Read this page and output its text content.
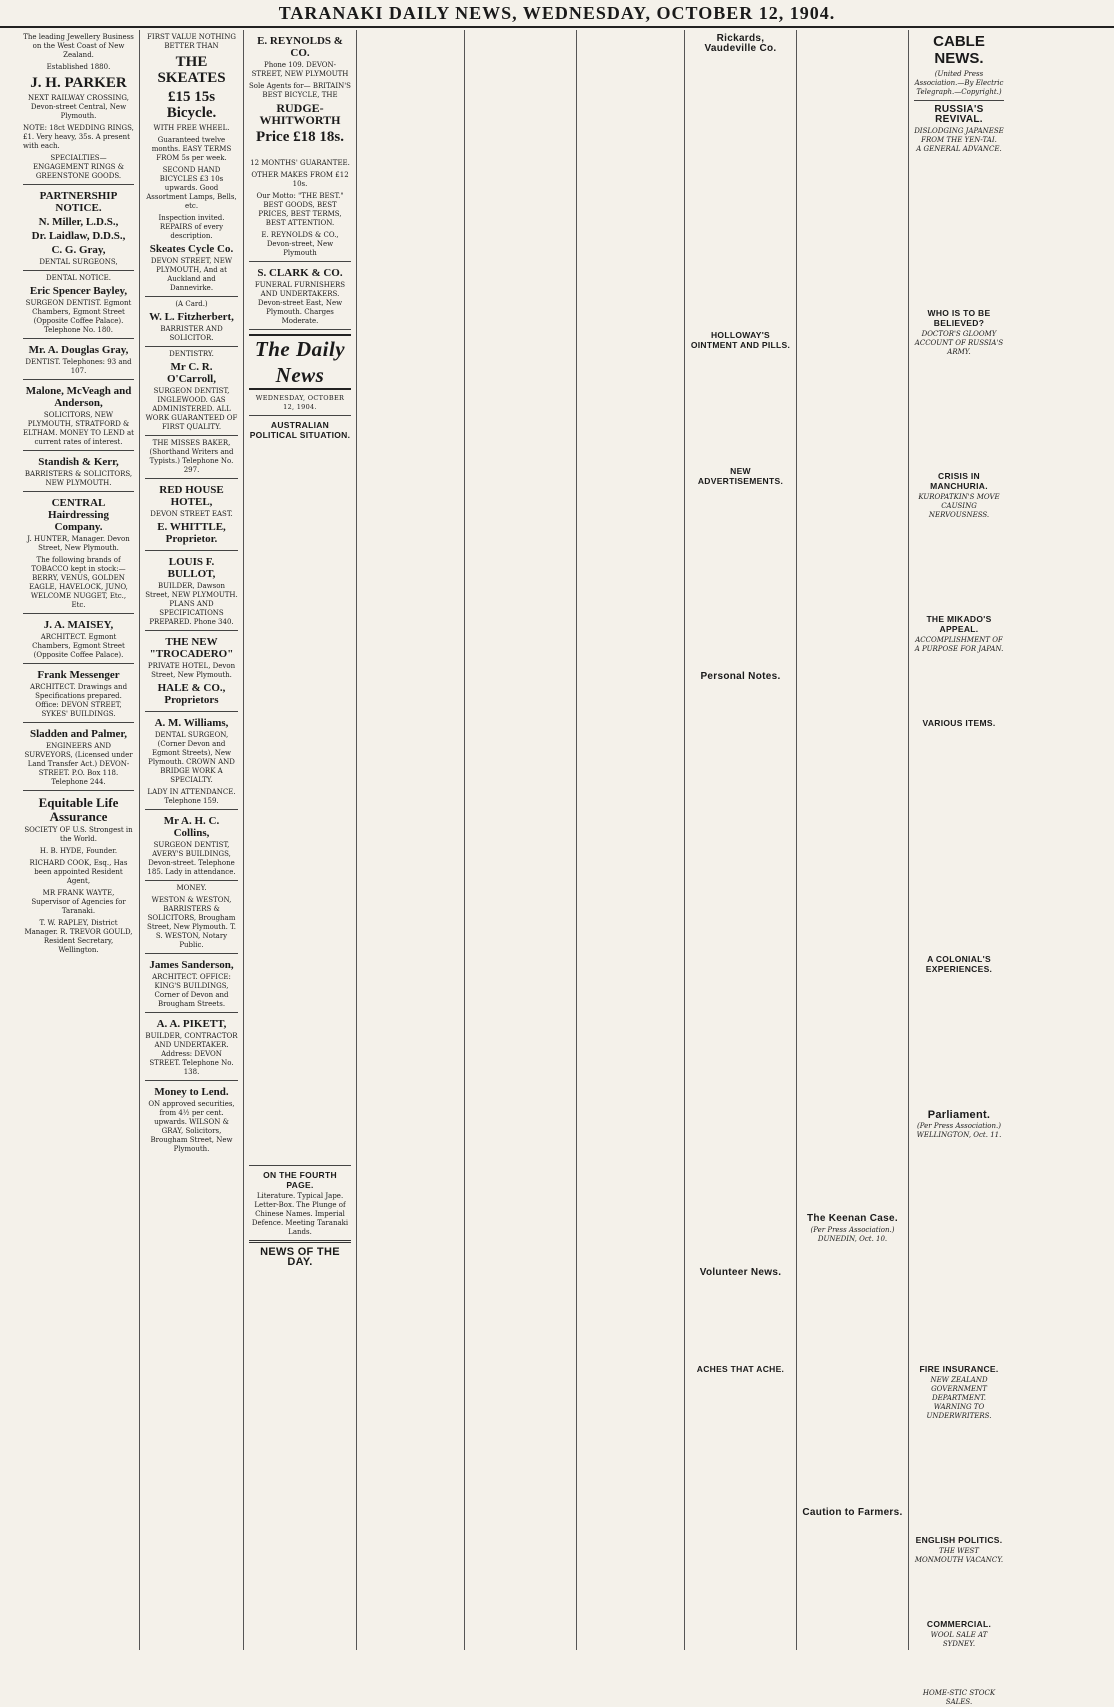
TARANAKI DAILY NEWS, WEDNESDAY, OCTOBER 12, 1904.
The leading Jewellery Business on the West Coast of New Zealand.
Established 1880.
J. H. PARKER
NEXT RAILWAY CROSSING, Devon-street Central, New Plymouth.
NOTE: 18ct WEDDING RINGS, £1. Very heavy, 35s. A present with each.
SPECIALTIES—ENGAGEMENT RINGS & GREENSTONE GOODS.
PARTNERSHIP NOTICE.
N. Miller, L.D.S.,
Dr. Laidlaw, D.D.S.,
C. G. Gray,
DENTAL SURGEONS,
DENTAL NOTICE.
Eric Spencer Bayley,
SURGEON DENTIST. Egmont Chambers, Egmont Street (Opposite Coffee Palace). Telephone No. 180.
Mr. A. Douglas Gray,
DENTIST. Telephones: 93 and 107.
Malone, McVeagh and Anderson,
SOLICITORS, NEW PLYMOUTH, STRATFORD & ELTHAM. MONEY TO LEND at current rates of interest.
Standish & Kerr,
BARRISTERS & SOLICITORS, NEW PLYMOUTH.
CENTRAL Hairdressing Company.
J. HUNTER, Manager. Devon Street, New Plymouth.
The following brands of TOBACCO kept in stock:— BERRY, VENUS, GOLDEN EAGLE, HAVELOCK, JUNO, WELCOME NUGGET, Etc., Etc.
J. A. MAISEY,
ARCHITECT. Egmont Chambers, Egmont Street (Opposite Coffee Palace).
Frank Messenger
ARCHITECT. Drawings and Specifications prepared. Office: DEVON STREET, SYKES' BUILDINGS.
Sladden and Palmer,
ENGINEERS AND SURVEYORS, (Licensed under Land Transfer Act.) DEVON-STREET. P.O. Box 118. Telephone 244.
Equitable Life Assurance
SOCIETY OF U.S. Strongest in the World.
H. B. HYDE, Founder.
RICHARD COOK, Esq., Has been appointed Resident Agent,
MR FRANK WAYTE, Supervisor of Agencies for Taranaki.
T. W. RAPLEY, District Manager. R. TREVOR GOULD, Resident Secretary, Wellington.
FIRST VALUE NOTHING BETTER THAN
THE SKEATES
£15 15s Bicycle.
WITH FREE WHEEL.
Guaranteed twelve months. EASY TERMS FROM 5s per week.
SECOND HAND BICYCLES £3 10s upwards. Good Assortment Lamps, Bells, etc.
Inspection invited. REPAIRS of every description.
Skeates Cycle Co.
DEVON STREET, NEW PLYMOUTH, And at Auckland and Dannevirke.
(A Card.)
W. L. Fitzherbert,
BARRISTER AND SOLICITOR.
DENTISTRY.
Mr C. R. O'Carroll,
SURGEON DENTIST, INGLEWOOD. GAS ADMINISTERED. ALL WORK GUARANTEED OF FIRST QUALITY.
THE MISSES BAKER,
(Shorthand Writers and Typists.) Telephone No. 297.
RED HOUSE HOTEL,
DEVON STREET EAST.
E. WHITTLE, Proprietor.
LOUIS F. BULLOT,
BUILDER, Dawson Street, NEW PLYMOUTH. PLANS AND SPECIFICATIONS PREPARED. Phone 340.
THE NEW "TROCADERO"
PRIVATE HOTEL, Devon Street, New Plymouth.
HALE & CO., Proprietors
A. M. Williams,
DENTAL SURGEON, (Corner Devon and Egmont Streets), New Plymouth. CROWN AND BRIDGE WORK A SPECIALTY.
LADY IN ATTENDANCE. Telephone 159.
Mr A. H. C. Collins,
SURGEON DENTIST, AVERY'S BUILDINGS, Devon-street. Telephone 185. Lady in attendance.
MONEY.
WESTON & WESTON, BARRISTERS & SOLICITORS, Brougham Street, New Plymouth. T. S. WESTON, Notary Public.
James Sanderson,
ARCHITECT. OFFICE: KING'S BUILDINGS, Corner of Devon and Brougham Streets.
A. A. PIKETT,
BUILDER, CONTRACTOR AND UNDERTAKER. Address: DEVON STREET. Telephone No. 138.
Money to Lend.
ON approved securities, from 4½ per cent. upwards. WILSON & GRAY, Solicitors, Brougham Street, New Plymouth.
E. REYNOLDS & CO.
Phone 109. DEVON-STREET, NEW PLYMOUTH
Sole Agents for— BRITAIN'S BEST BICYCLE, THE
RUDGE-WHITWORTH
Price £18 18s.
12 MONTHS' GUARANTEE.
OTHER MAKES FROM £12 10s.
Our Motto: "THE BEST." BEST GOODS, BEST PRICES, BEST TERMS, BEST ATTENTION.
E. REYNOLDS & CO., Devon-street, New Plymouth
S. CLARK & CO.
FUNERAL FURNISHERS AND UNDERTAKERS. Devon-street East, New Plymouth. Charges Moderate.
The Daily News
WEDNESDAY, OCTOBER 12, 1904.
AUSTRALIAN POLITICAL SITUATION.

ON THE FOURTH PAGE.
Literature. Typical Jape. Letter-Box. The Plunge of Chinese Names. Imperial Defence. Meeting Taranaki Lands.
NEWS OF THE DAY.
Rickards, Vaudeville Co.
HOLLOWAY'S OINTMENT AND PILLS.
NEW ADVERTISEMENTS.
Personal Notes.
Volunteer News.
ACHES THAT ACHE.
The Keenan Case.
(Per Press Association.) DUNEDIN, Oct. 10.
Caution to Farmers.
CABLE NEWS.
(United Press Association.—By Electric Telegraph.—Copyright.)
RUSSIA'S REVIVAL.
DISLODGING JAPANESE FROM THE YEN-TAI.
A GENERAL ADVANCE.
WHO IS TO BE BELIEVED?
DOCTOR'S GLOOMY ACCOUNT OF RUSSIA'S ARMY.
CRISIS IN MANCHURIA.
KUROPATKIN'S MOVE CAUSING NERVOUSNESS.
THE MIKADO'S APPEAL.
ACCOMPLISHMENT OF A PURPOSE FOR JAPAN.
VARIOUS ITEMS.
A COLONIAL'S EXPERIENCES.
Parliament.
(Per Press Association.) WELLINGTON, Oct. 11.
FIRE INSURANCE.
NEW ZEALAND GOVERNMENT DEPARTMENT.
WARNING TO UNDERWRITERS.
ENGLISH POLITICS.
THE WEST MONMOUTH VACANCY.
COMMERCIAL.
WOOL SALE AT SYDNEY.
HOME-STIC STOCK SALES.
